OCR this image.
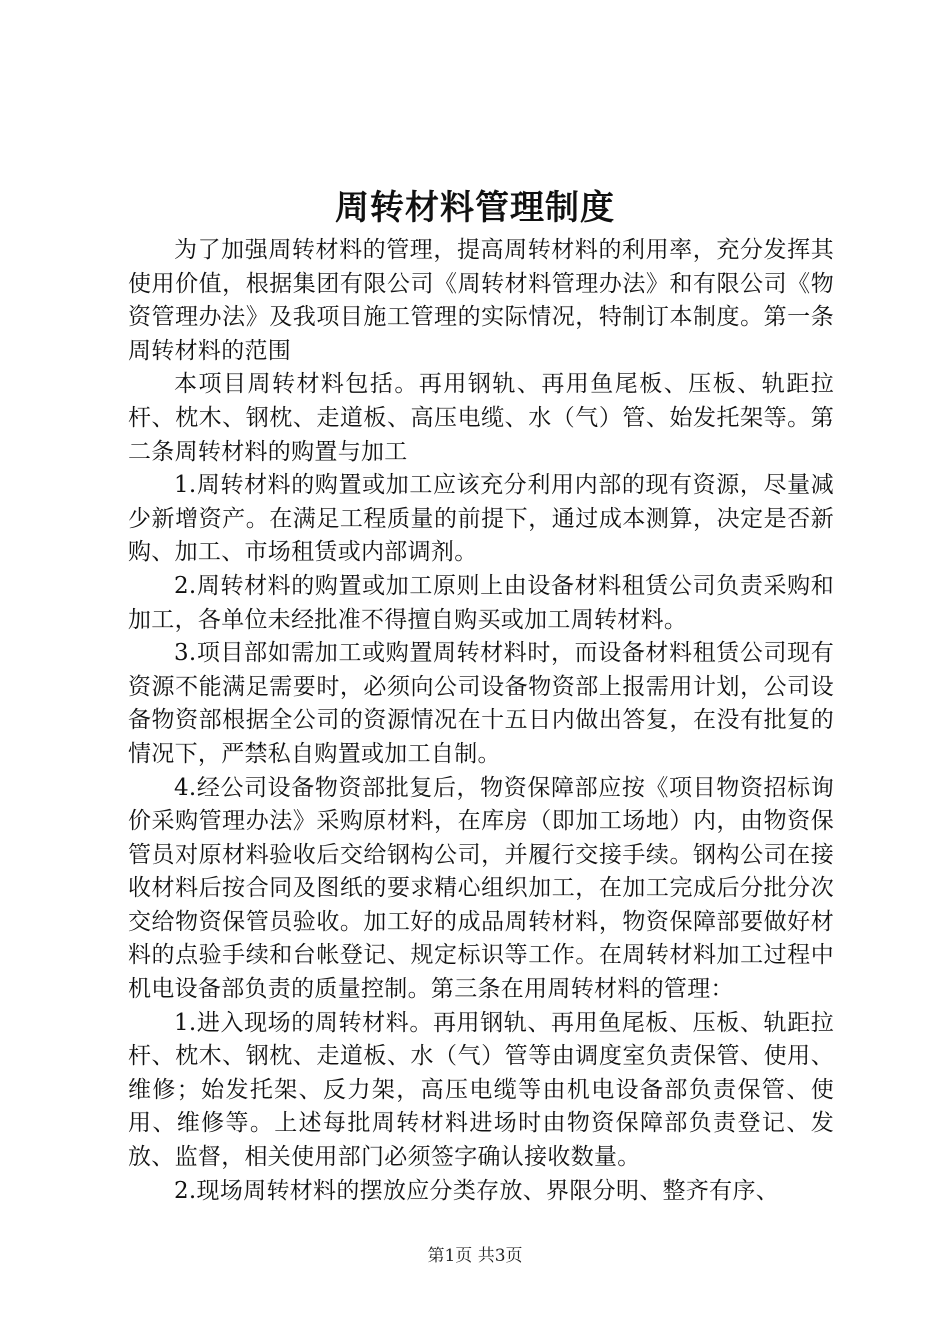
周转材料管理制度

为了加强周转材料的管理，提高周转材料的利用率，充分发挥其使用价值，根据集团有限公司《周转材料管理办法》和有限公司《物资管理办法》及我项目施工管理的实际情况，特制订本制度。第一条周转材料的范围

本项目周转材料包括。再用钢轨、再用鱼尾板、压板、轨距拉杆、枕木、钢枕、走道板、高压电缆、水（气）管、始发托架等。第二条周转材料的购置与加工

1.周转材料的购置或加工应该充分利用内部的现有资源，尽量减少新增资产。在满足工程质量的前提下，通过成本测算，决定是否新购、加工、市场租赁或内部调剂。

2.周转材料的购置或加工原则上由设备材料租赁公司负责采购和加工，各单位未经批准不得擅自购买或加工周转材料。

3.项目部如需加工或购置周转材料时，而设备材料租赁公司现有资源不能满足需要时，必须向公司设备物资部上报需用计划，公司设备物资部根据全公司的资源情况在十五日内做出答复，在没有批复的情况下，严禁私自购置或加工自制。

4.经公司设备物资部批复后，物资保障部应按《项目物资招标询价采购管理办法》采购原材料，在库房（即加工场地）内，由物资保管员对原材料验收后交给钢构公司，并履行交接手续。钢构公司在接收材料后按合同及图纸的要求精心组织加工，在加工完成后分批分次交给物资保管员验收。加工好的成品周转材料，物资保障部要做好材料的点验手续和台帐登记、规定标识等工作。在周转材料加工过程中机电设备部负责的质量控制。第三条在用周转材料的管理：

1.进入现场的周转材料。再用钢轨、再用鱼尾板、压板、轨距拉杆、枕木、钢枕、走道板、水（气）管等由调度室负责保管、使用、维修；始发托架、反力架，高压电缆等由机电设备部负责保管、使用、维修等。上述每批周转材料进场时由物资保障部负责登记、发放、监督，相关使用部门必须签字确认接收数量。

2.现场周转材料的摆放应分类存放、界限分明、整齐有序、

第1页 共3页
